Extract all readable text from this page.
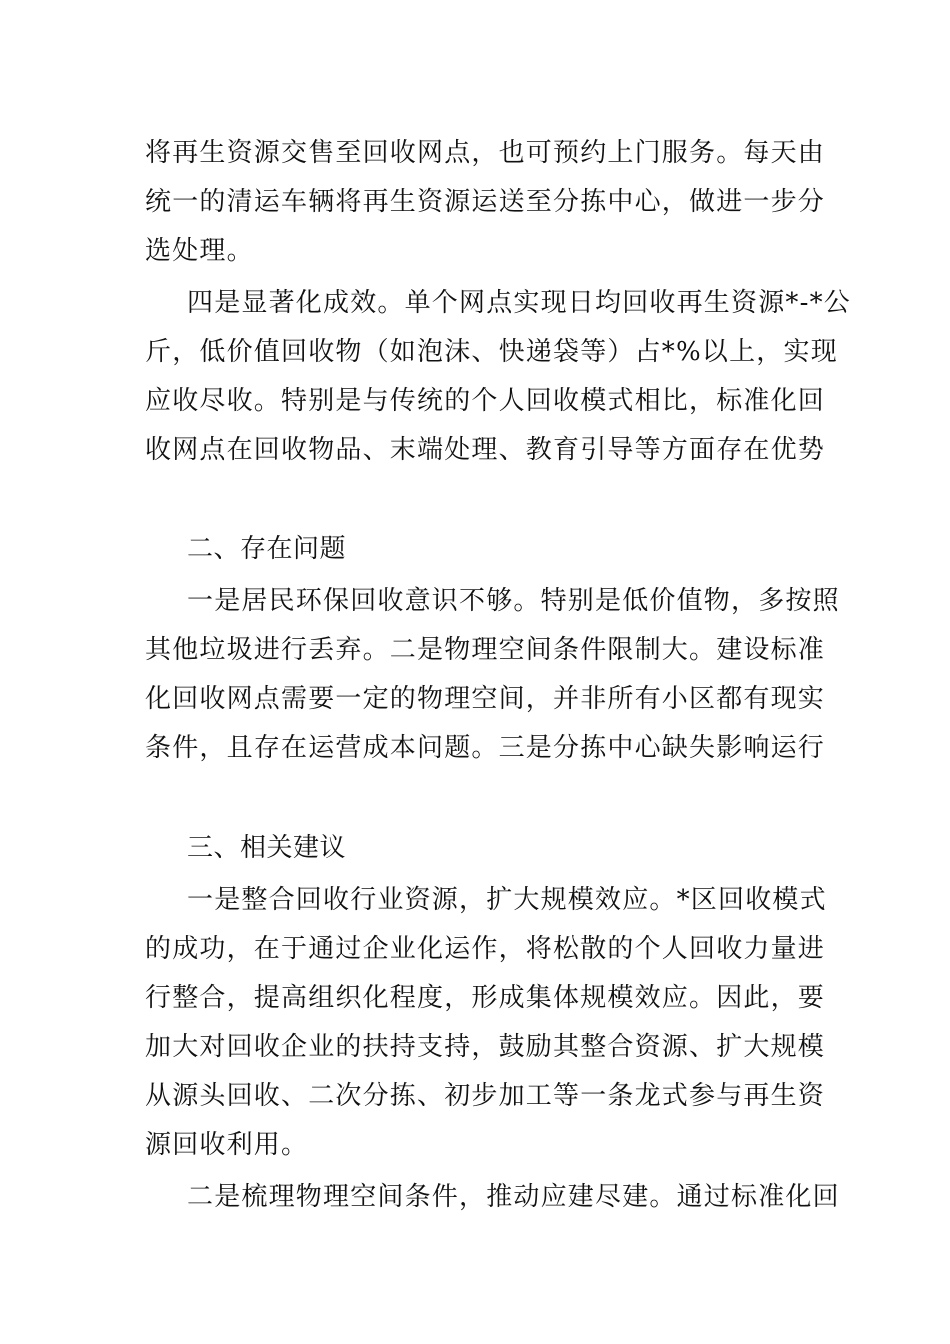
将再生资源交售至回收网点，也可预约上门服务。每天由
统一的清运车辆将再生资源运送至分拣中心，做进一步分
选处理。
四是显著化成效。单个网点实现日均回收再生资源*-*公
斤，低价值回收物（如泡沫、快递袋等）占*%以上，实现
应收尽收。特别是与传统的个人回收模式相比，标准化回
收网点在回收物品、末端处理、教育引导等方面存在优势
二、存在问题
一是居民环保回收意识不够。特别是低价值物，多按照
其他垃圾进行丢弃。二是物理空间条件限制大。建设标准
化回收网点需要一定的物理空间，并非所有小区都有现实
条件，且存在运营成本问题。三是分拣中心缺失影响运行
三、相关建议
一是整合回收行业资源，扩大规模效应。*区回收模式
的成功，在于通过企业化运作，将松散的个人回收力量进
行整合，提高组织化程度，形成集体规模效应。因此，要
加大对回收企业的扶持支持，鼓励其整合资源、扩大规模
从源头回收、二次分拣、初步加工等一条龙式参与再生资
源回收利用。
二是梳理物理空间条件，推动应建尽建。通过标准化回
